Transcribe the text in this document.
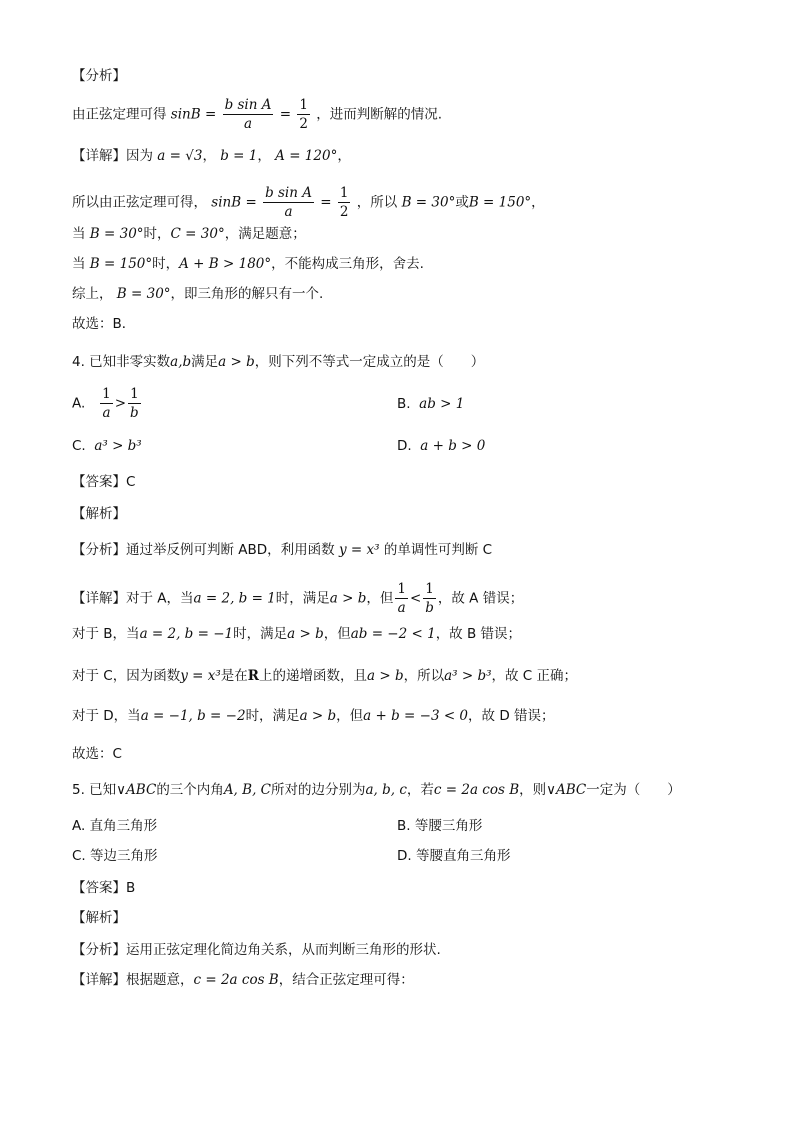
【分析】
由正弦定理可得 $\sin B = \frac{\text{b sin A}}{a} = \frac{1}{2}$ ，进而判断解的情况.
【详解】因为 a = √3， b = 1， A = 120°，
所以由正弦定理可得， $\sin B = \frac{\text{b sin A}}{a} = \frac{1}{2}$ ，所以 B = 30°或B = 150°，
当 B = 30°时，C = 30°，满足题意；
当 B = 150°时，A + B > 180°，不能构成三角形，舍去.
综上， B = 30°，即三角形的解只有一个.
故选：B．
4. 已知非零实数a,b满足a > b，则下列不等式一定成立的是（　　）
A. $\frac{1}{a} > \frac{1}{b}$	B. ab > 1
C. a³ > b³	D. a + b > 0
【答案】C
【解析】
【分析】通过举反例可判断 ABD，利用函数 y = x³ 的单调性可判断 C
【详解】对于 A，当a = 2, b = 1时，满足a > b，但 $\frac{1}{a} < \frac{1}{b}$ ，故 A 错误；
对于 B，当a = 2, b = −1时，满足a > b，但ab = −2 < 1，故 B 错误；
对于 C，因为函数y = x³是在R上的递增函数，且a > b，所以a³ > b³，故 C 正确；
对于 D，当a = −1, b = −2时，满足a > b，但a + b = −3 < 0，故 D 错误；
故选：C
5. 已知∨ABC的三个内角A, B, C所对的边分别为a, b, c，若c = 2a cos B，则∨ABC一定为（　　）
A. 直角三角形	B. 等腰三角形
C. 等边三角形	D. 等腰直角三角形
【答案】B
【解析】
【分析】运用正弦定理化简边角关系，从而判断三角形的形状.
【详解】根据题意，c = 2a cos B，结合正弦定理可得：
